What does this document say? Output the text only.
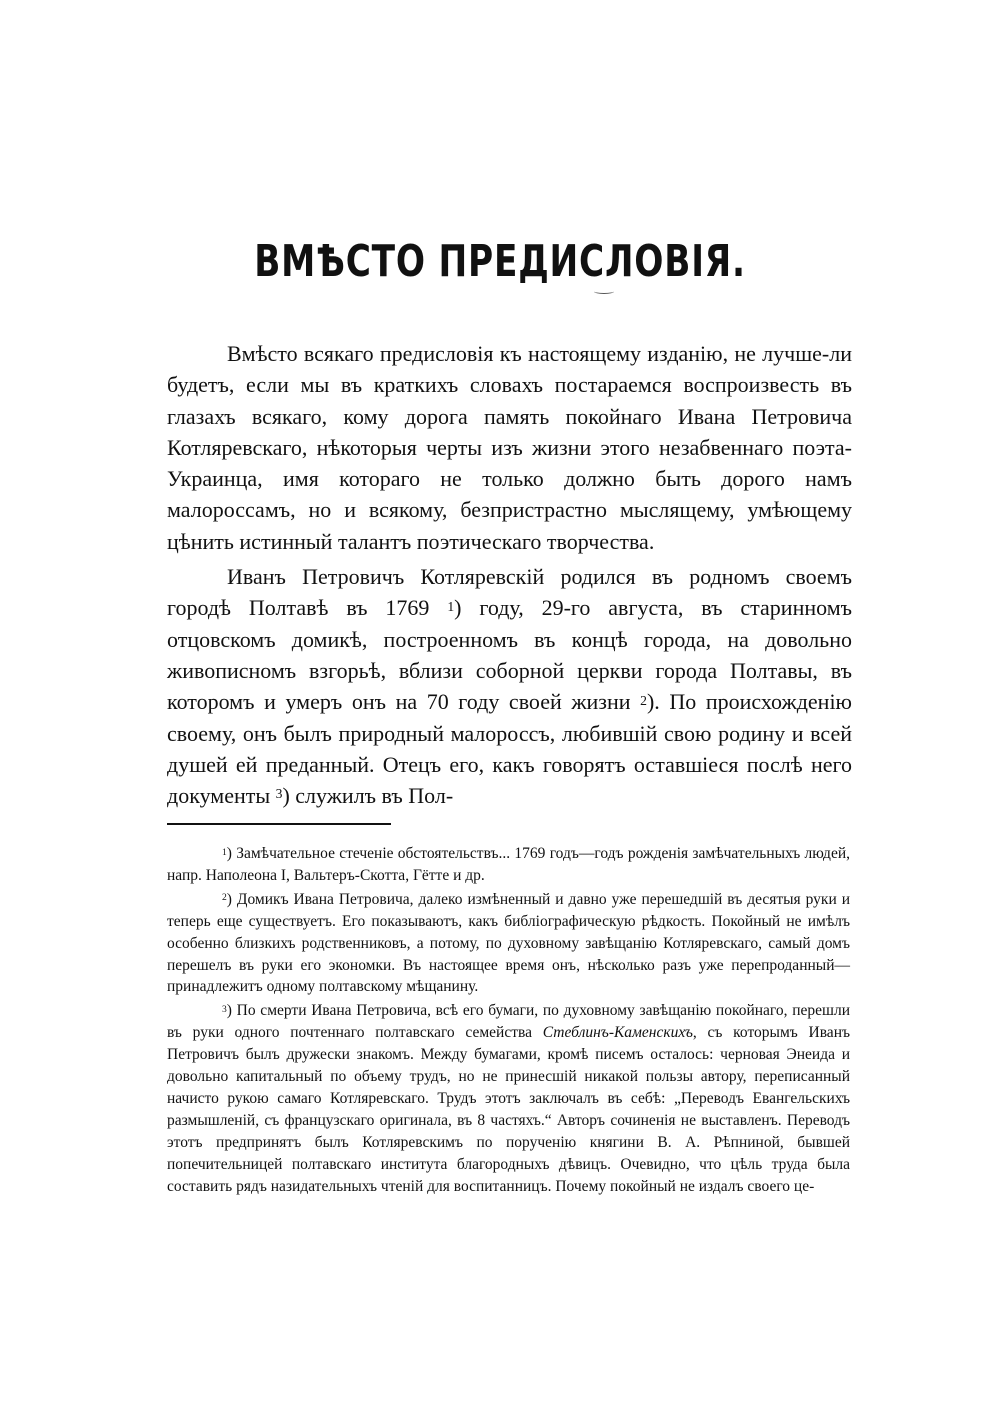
ВМѢСТО ПРЕДИСЛОВІЯ.

Вмѣсто всякаго предисловія къ настоящему изданію, не лучше-ли будетъ, если мы въ краткихъ словахъ постараемся воспроизвесть въ глазахъ всякаго, кому дорога память покойнаго Ивана Петровича Котляревскаго, нѣкоторыя черты изъ жизни этого незабвеннаго поэта-Украинца, имя котораго не только должно быть дорого намъ малороссамъ, но и всякому, безпристрастно мыслящему, умѣющему цѣнить истинный талантъ поэтическаго творчества.

Иванъ Петровичъ Котляревскій родился въ родномъ своемъ городѣ Полтавѣ въ 1769 $^1$) году, 29-го августа, въ старинномъ отцовскомъ домикѣ, построенномъ въ концѣ города, на довольно живописномъ взгорьѣ, вблизи соборной церкви города Полтавы, въ которомъ и умеръ онъ на 70 году своей жизни $^2$). По происхожденію своему, онъ былъ природный малороссъ, любившій свою родину и всей душей ей преданный. Отецъ его, какъ говорятъ оставшіеся послѣ него документы $^3$) служилъ въ Пол-

$^1$) Замѣчательное стеченіе обстоятельствъ... 1769 годъ—годъ рожденія замѣчательныхъ людей, напр. Наполеона I, Вальтеръ-Скотта, Гётте и др.

$^2$) Домикъ Ивана Петровича, далеко измѣненный и давно уже перешедшій въ десятыя руки и теперь еще существуетъ. Его показываютъ, какъ библіографическую рѣдкость. Покойный не имѣлъ особенно близкихъ родственниковъ, а потому, по духовному завѣщанію Котляревскаго, самый домъ перешелъ въ руки его экономки. Въ настоящее время онъ, нѣсколько разъ уже перепроданный—принадлежитъ одному полтавскому мѣщанину.

$^3$) По смерти Ивана Петровича, всѣ его бумаги, по духовному завѣщанію покойнаго, перешли въ руки одного почтеннаго полтавскаго семейства Стеблинъ-Каменскихъ, съ которымъ Иванъ Петровичъ былъ дружески знакомъ. Между бумагами, кромѣ писемъ осталось: черновая Энеида и довольно капитальный по объему трудъ, но не принесшій никакой пользы автору, переписанный начисто рукою самаго Котляревскаго. Трудъ этотъ заключалъ въ себѣ: „Переводъ Евангельскихъ размышленій, съ французскаго оригинала, въ 8 частяхъ.“ Авторъ сочиненія не выставленъ. Переводъ этотъ предпринятъ былъ Котляревскимъ по порученію княгини В. А. Рѣпниной, бывшей попечительницей полтавскаго института благородныхъ дѣвицъ. Очевидно, что цѣль труда была составить рядъ назидательныхъ чтеній для воспитанницъ. Почему покойный не издалъ своего це-
